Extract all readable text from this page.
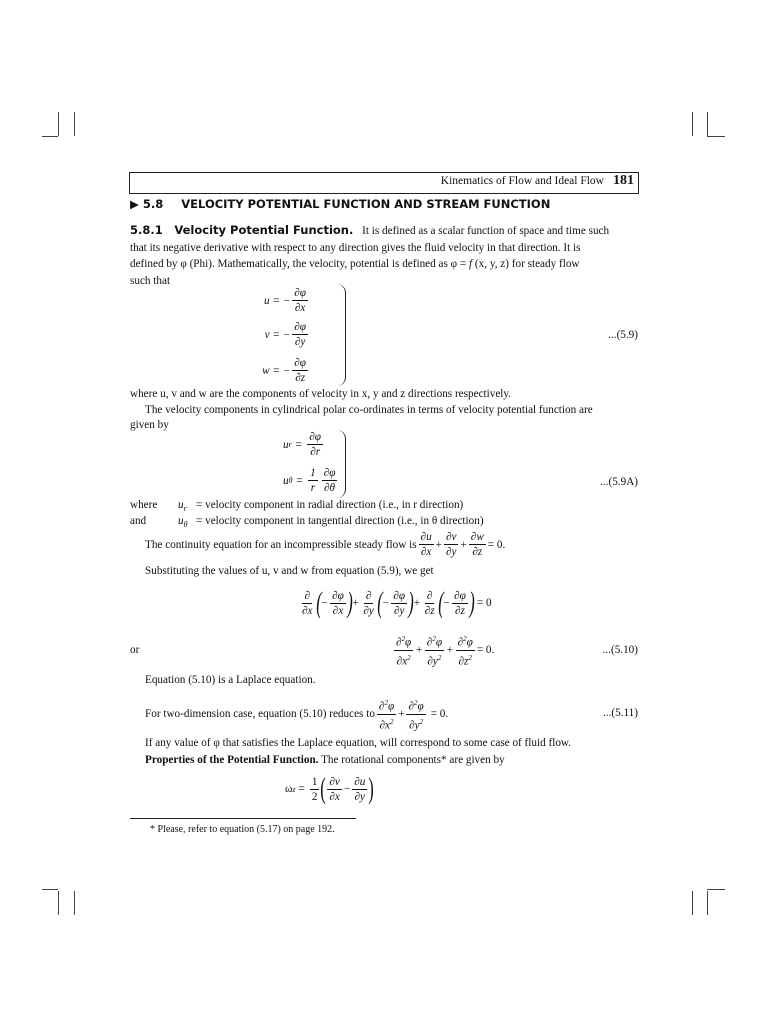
Kinematics of Flow and Ideal Flow 181
▶ 5.8 VELOCITY POTENTIAL FUNCTION AND STREAM FUNCTION
5.8.1 Velocity Potential Function. It is defined as a scalar function of space and time such
that its negative derivative with respect to any direction gives the fluid velocity in that direction. It is
defined by φ (Phi). Mathematically, the velocity, potential is defined as φ = f (x, y, z) for steady flow
such that
u = − $\frac{\partial\varphi}{\partial x}$
v = − $\frac{\partial\varphi}{\partial y}$
w = − $\frac{\partial\varphi}{\partial z}$
...(5.9)
where u, v and w are the components of velocity in x, y and z directions respectively.
The velocity components in cylindrical polar co-ordinates in terms of velocity potential function are
given by
u $r = \frac{\partial\varphi}{\partial r}$
u $\theta = \frac{1}{r} \frac{\partial\varphi}{\partial\theta}$	...(5.9A)
where $u_r$ = velocity component in radial direction (i.e., in r direction)
and	$u_\theta$ = velocity component in tangential direction (i.e., in θ direction)
The continuity equation for an incompressible steady flow is $\frac{\partial u}{\partial x} + \frac{\partial v}{\partial y} + \frac{\partial w}{\partial z} = 0$.
Substituting the values of u, v and w from equation (5.9), we get
$\frac{\partial}{\partial x}$ ( − $\frac{\partial\varphi}{\partial x}$ ) + $\frac{\partial}{\partial y}$ ( − $\frac{\partial\varphi}{\partial y}$ ) + $\frac{\partial}{\partial z}$ ( − $\frac{\partial\varphi}{\partial z}$ ) = 0
or	$\frac{\partial^2\varphi}{\partial x^2} + \frac{\partial^2\varphi}{\partial y^2} + \frac{\partial^2\varphi}{\partial z^2} = 0$.	...(5.10)
Equation (5.10) is a Laplace equation.
For two-dimension case, equation (5.10) reduces to $\frac{\partial^2\varphi}{\partial x^2} + \frac{\partial^2\varphi}{\partial y^2} = 0$.	...(5.11)
If any value of φ that satisfies the Laplace equation, will correspond to some case of fluid flow.
Properties of the Potential Function. The rotational components* are given by
ω $z = \frac{1}{2}$ ( $\frac{\partial v}{\partial x} - \frac{\partial u}{\partial y}$ )
* Please, refer to equation (5.17) on page 192.
